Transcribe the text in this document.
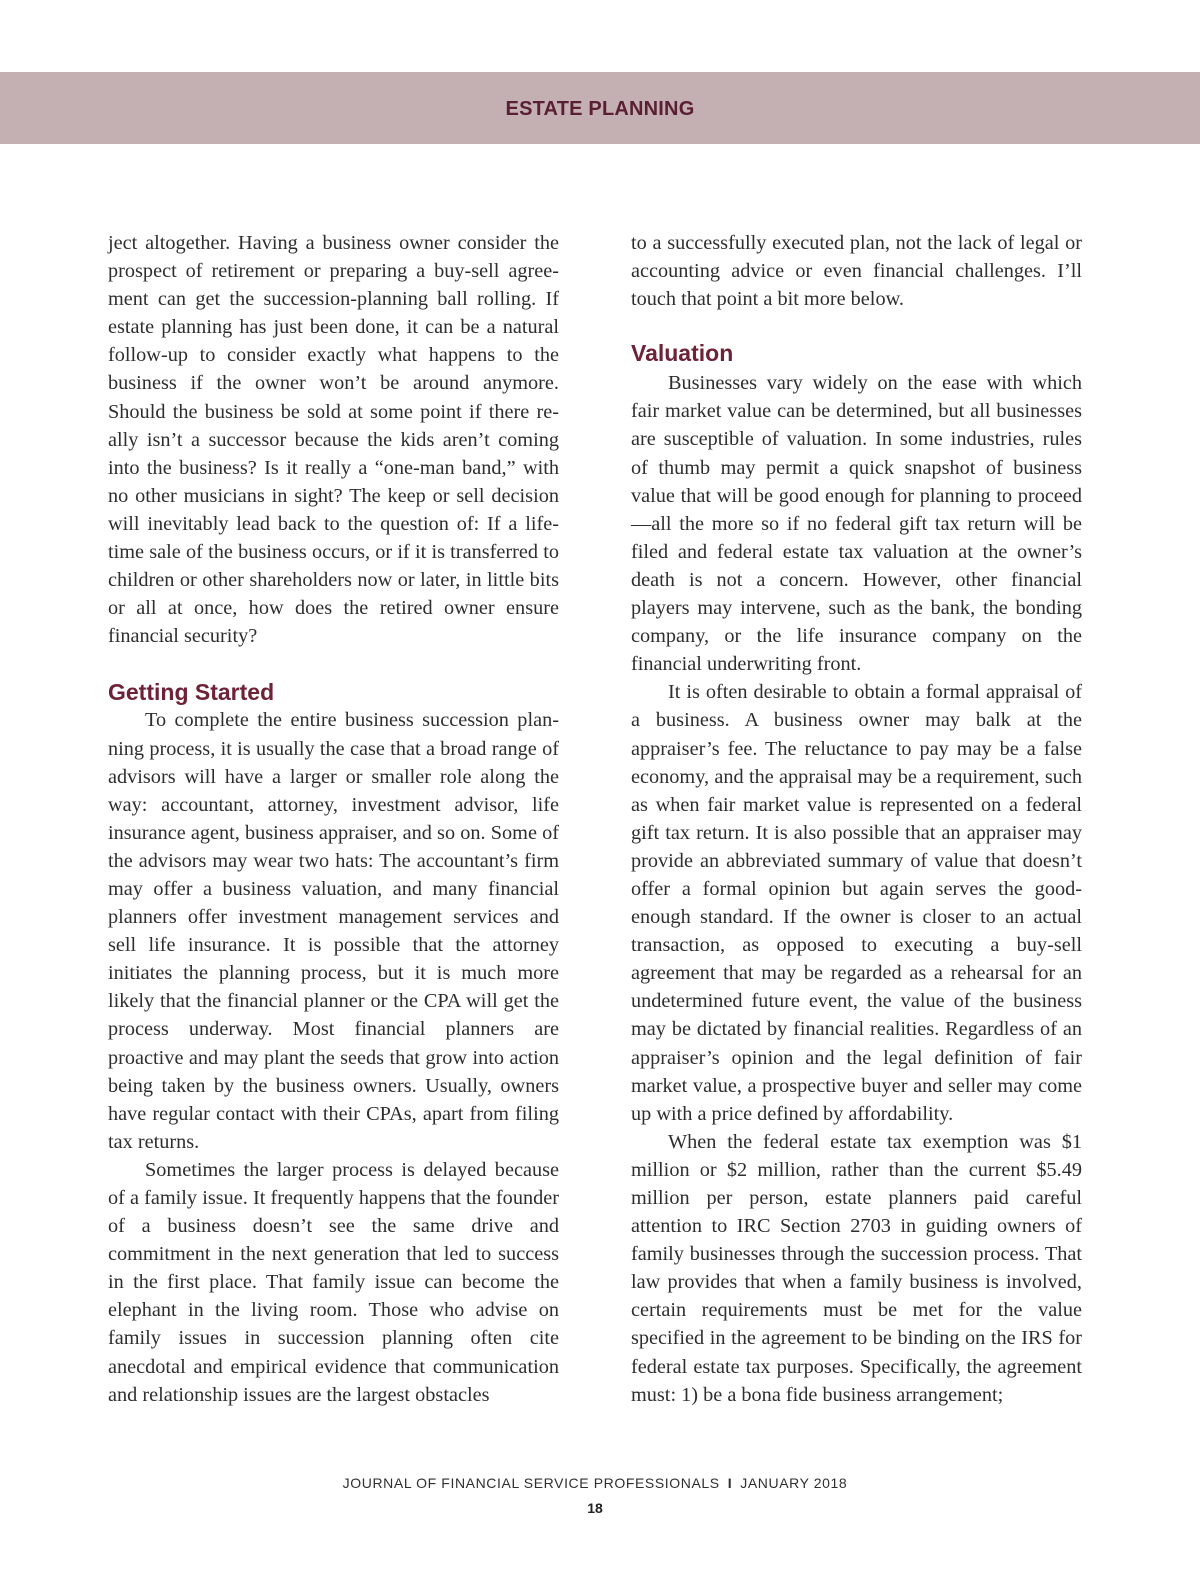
ESTATE PLANNING

ject altogether. Having a business owner consider the prospect of retirement or preparing a buy-sell agreement can get the succession-planning ball rolling. If estate planning has just been done, it can be a natural follow-up to consider exactly what happens to the business if the owner won’t be around anymore. Should the business be sold at some point if there really isn’t a successor because the kids aren’t coming into the business? Is it really a “one-man band,” with no other musicians in sight? The keep or sell decision will inevitably lead back to the question of: If a lifetime sale of the business occurs, or if it is transferred to children or other shareholders now or later, in little bits or all at once, how does the retired owner ensure financial security?

Getting Started

To complete the entire business succession planning process, it is usually the case that a broad range of advisors will have a larger or smaller role along the way: accountant, attorney, investment advisor, life insurance agent, business appraiser, and so on. Some of the advisors may wear two hats: The accountant’s firm may offer a business valuation, and many financial planners offer investment management services and sell life insurance. It is possible that the attorney initiates the planning process, but it is much more likely that the financial planner or the CPA will get the process underway. Most financial planners are proactive and may plant the seeds that grow into action being taken by the business owners. Usually, owners have regular contact with their CPAs, apart from filing tax returns.

Sometimes the larger process is delayed because of a family issue. It frequently happens that the founder of a business doesn’t see the same drive and commitment in the next generation that led to success in the first place. That family issue can become the elephant in the living room. Those who advise on family issues in succession planning often cite anecdotal and empirical evidence that communication and relationship issues are the largest obstacles

to a successfully executed plan, not the lack of legal or accounting advice or even financial challenges. I’ll touch that point a bit more below.

Valuation

Businesses vary widely on the ease with which fair market value can be determined, but all businesses are susceptible of valuation. In some industries, rules of thumb may permit a quick snapshot of business value that will be good enough for planning to proceed—all the more so if no federal gift tax return will be filed and federal estate tax valuation at the owner’s death is not a concern. However, other financial players may intervene, such as the bank, the bonding company, or the life insurance company on the financial underwriting front.

It is often desirable to obtain a formal appraisal of a business. A business owner may balk at the appraiser’s fee. The reluctance to pay may be a false economy, and the appraisal may be a requirement, such as when fair market value is represented on a federal gift tax return. It is also possible that an appraiser may provide an abbreviated summary of value that doesn’t offer a formal opinion but again serves the good-enough standard. If the owner is closer to an actual transaction, as opposed to executing a buy-sell agreement that may be regarded as a rehearsal for an undetermined future event, the value of the business may be dictated by financial realities. Regardless of an appraiser’s opinion and the legal definition of fair market value, a prospective buyer and seller may come up with a price defined by affordability.

When the federal estate tax exemption was $1 million or $2 million, rather than the current $5.49 million per person, estate planners paid careful attention to IRC Section 2703 in guiding owners of family businesses through the succession process. That law provides that when a family business is involved, certain requirements must be met for the value specified in the agreement to be binding on the IRS for federal estate tax purposes. Specifically, the agreement must: 1) be a bona fide business arrangement;

JOURNAL OF FINANCIAL SERVICE PROFESSIONALS I JANUARY 2018
18
